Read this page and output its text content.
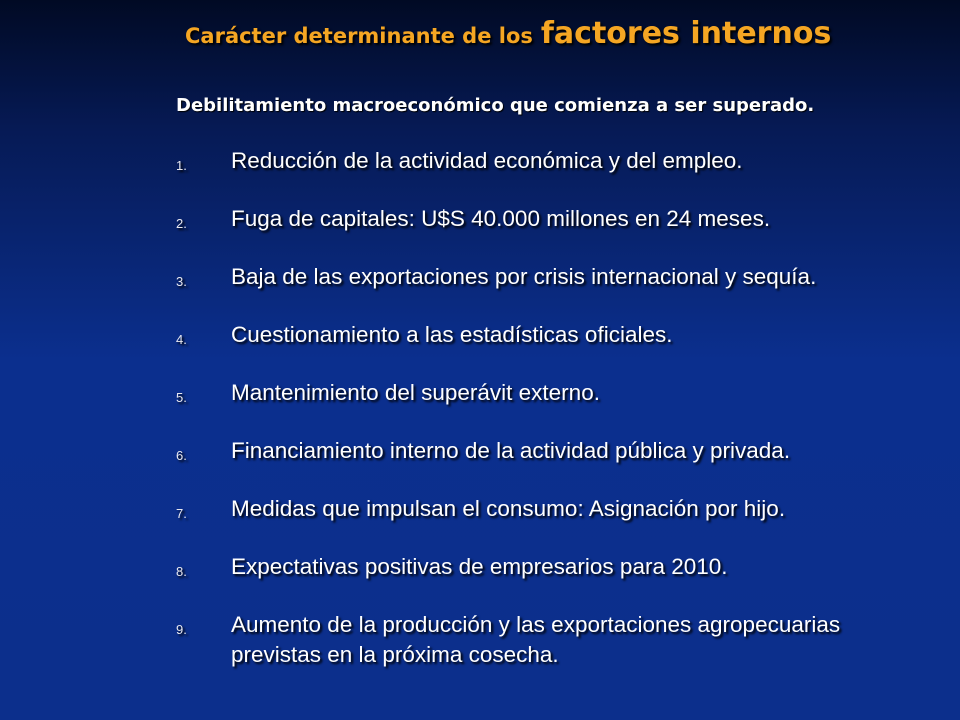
Carácter determinante de los factores internos
Debilitamiento macroeconómico que comienza a ser superado.
1.	Reducción de la actividad económica y del empleo.
2.	Fuga de capitales: U$S 40.000 millones en 24 meses.
3.	Baja de las exportaciones por crisis internacional y sequía.
4.	Cuestionamiento a las estadísticas oficiales.
5.	Mantenimiento del superávit externo.
6.	Financiamiento interno de la actividad pública y privada.
7.	Medidas que impulsan el consumo: Asignación por hijo.
8.	Expectativas positivas de empresarios para 2010.
9.	Aumento de la producción y las exportaciones agropecuarias previstas en la próxima cosecha.
